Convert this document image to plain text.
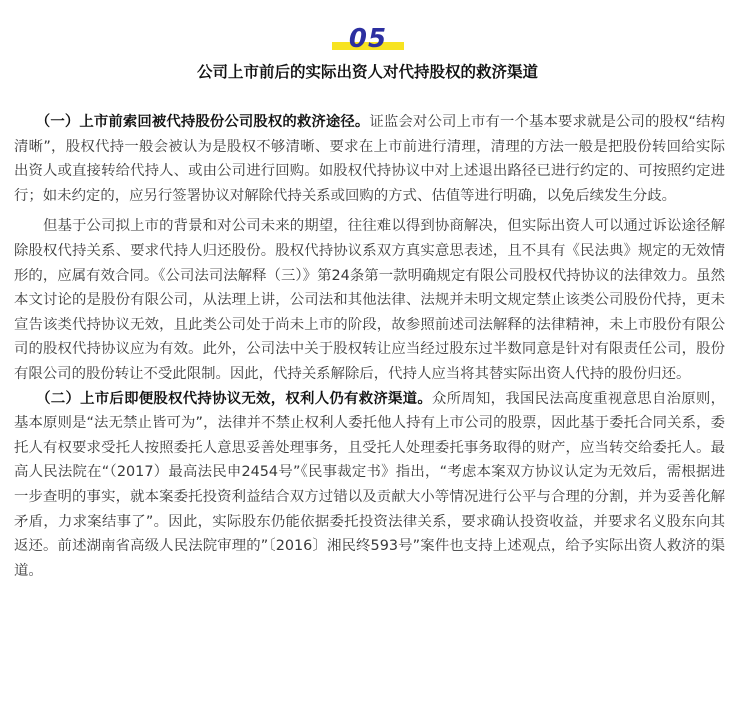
05
公司上市前后的实际出资人对代持股权的救济渠道

　　（一）上市前索回被代持股份公司股权的救济途径。证监会对公司上市有一个基本要求就是公司的股权“结构清晰”，股权代持一般会被认为是股权不够清晰、要求在上市前进行清理，清理的方法一般是把股份转回给实际出资人或直接转给代持人、或由公司进行回购。如股权代持协议中对上述退出路径已进行约定的、可按照约定进行；如未约定的，应另行签署协议对解除代持关系或回购的方式、估值等进行明确，以免后续发生分歧。

　　但基于公司拟上市的背景和对公司未来的期望，往往难以得到协商解决，但实际出资人可以通过诉讼途径解除股权代持关系、要求代持人归还股份。股权代持协议系双方真实意思表述，且不具有《民法典》规定的无效情形的，应属有效合同。《公司法司法解释（三）》第24条第一款明确规定有限公司股权代持协议的法律效力。虽然本文讨论的是股份有限公司，从法理上讲，公司法和其他法律、法规并未明文规定禁止该类公司股份代持，更未宣告该类代持协议无效，且此类公司处于尚未上市的阶段，故参照前述司法解释的法律精神，未上市股份有限公司的股权代持协议应为有效。此外，公司法中关于股权转让应当经过股东过半数同意是针对有限责任公司，股份有限公司的股份转让不受此限制。因此，代持关系解除后，代持人应当将其替实际出资人代持的股份归还。

　　（二）上市后即便股权代持协议无效，权利人仍有救济渠道。众所周知，我国民法高度重视意思自治原则，基本原则是“法无禁止皆可为”，法律并不禁止权利人委托他人持有上市公司的股票，因此基于委托合同关系，委托人有权要求受托人按照委托人意思妥善处理事务，且受托人处理委托事务取得的财产，应当转交给委托人。最高人民法院在“（2017）最高法民申2454号”《民事裁定书》指出，“考虑本案双方协议认定为无效后，需根据进一步查明的事实，就本案委托投资利益结合双方过错以及贡献大小等情况进行公平与合理的分割，并为妥善化解矛盾，力求案结事了”。因此，实际股东仍能依据委托投资法律关系，要求确认投资收益，并要求名义股东向其返还。前述湖南省高级人民法院审理的”〔2016〕湘民终593号”案件也支持上述观点，给予实际出资人救济的渠道。
